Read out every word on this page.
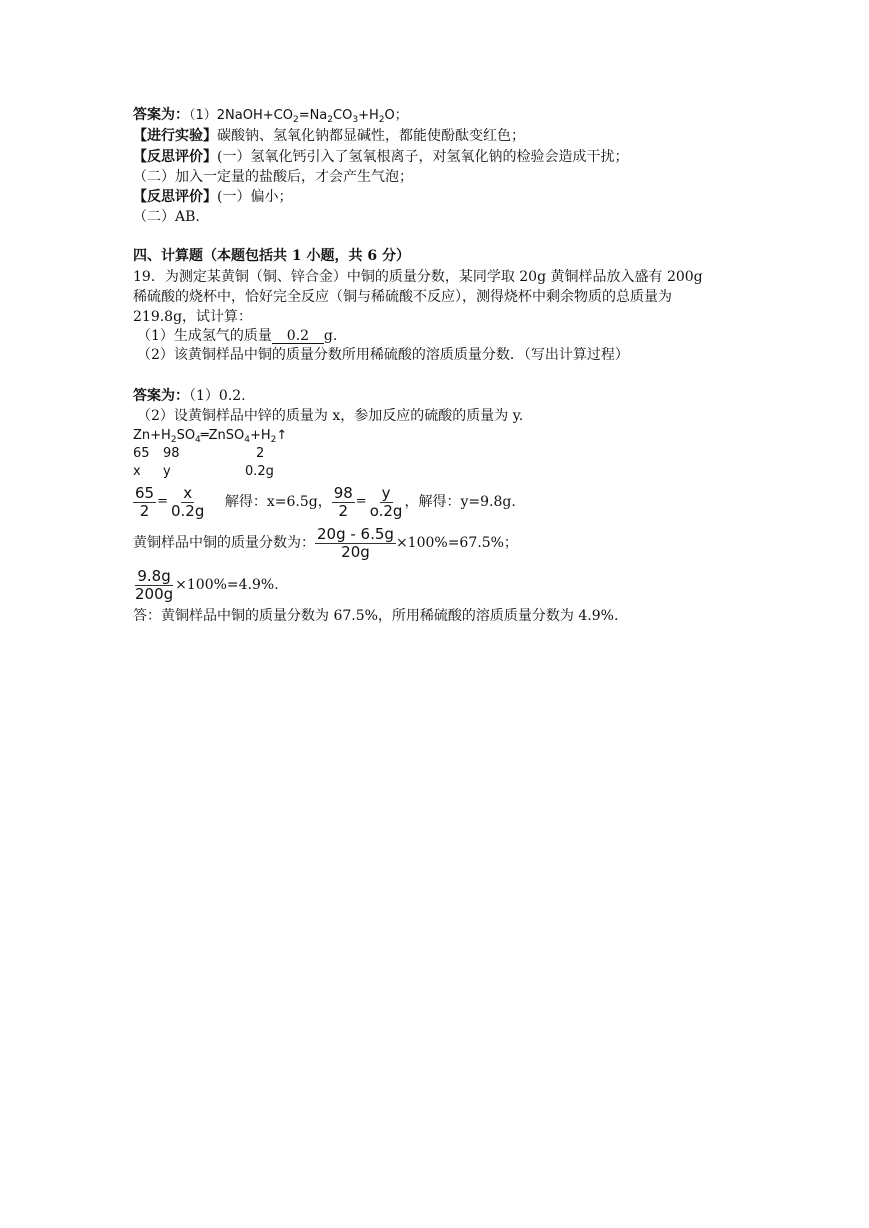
答案为：$(1)2NaOH+CO_2=Na_2CO_3+H_2O$；
【进行实验】碳酸钠、氢氧化钠都显碱性，都能使酚酞变红色；
【反思评价】(一）氢氧化钙引入了氢氧根离子，对氢氧化钠的检验会造成干扰；
（二）加入一定量的盐酸后，才会产生气泡；
【反思评价】(一）偏小；
（二）AB.
四、计算题（本题包括共 1 小题，共 6 分）
19．为测定某黄铜（铜、锌合金）中铜的质量分数，某同学取 20g 黄铜样品放入盛有 200g
稀硫酸的烧杯中，恰好完全反应（铜与稀硫酸不反应），测得烧杯中剩余物质的总质量为
219.8g，试计算：
（1）生成氢气的质量 0.2 g.
（2）该黄铜样品中铜的质量分数所用稀硫酸的溶质质量分数．（写出计算过程）
答案为：（1）0.2.
（2）设黄铜样品中锌的质量为 x，参加反应的硫酸的质量为 y.
$Zn+H_2SO_4═ZnSO_4+H_2↑$
65 98	2
x y	0.2g
$\frac{65}{2} = \frac{x}{0.2g}$ 解得：x=6.5g， $\frac{98}{2} = \frac{y}{o.2g}$ ，解得：y=9.8g.
黄铜样品中铜的质量分数为： $\frac{20g - 6.5g}{20g} \times 100\%=67.5\%$；
$\frac{9.8g}{200g} \times 100\%=4.9\%$.
答：黄铜样品中铜的质量分数为 67.5%，所用稀硫酸的溶质质量分数为 4.9%.
